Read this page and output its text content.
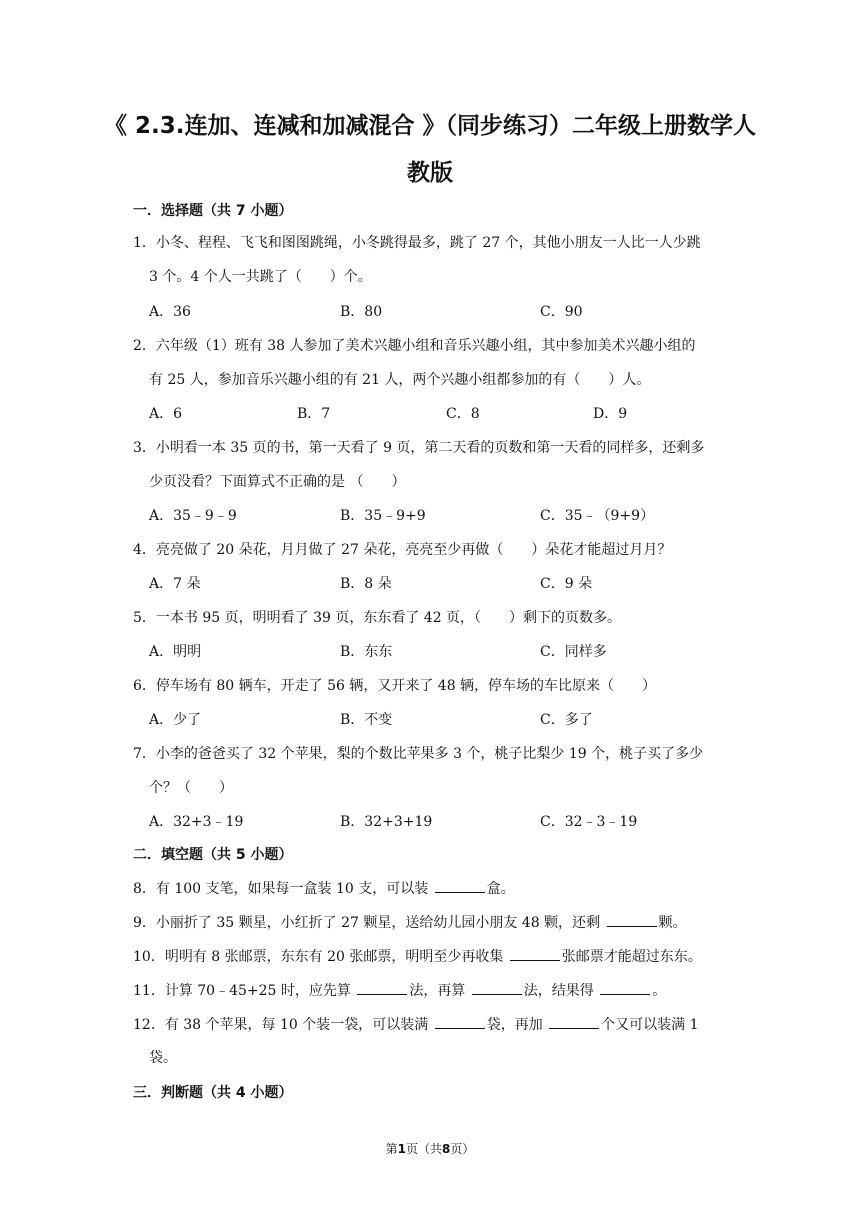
《 2.3.连加、连减和加减混合 》（同步练习）二年级上册数学人
教版
一．选择题（共 7 小题）
1．小冬、程程、飞飞和图图跳绳，小冬跳得最多，跳了 27 个，其他小朋友一人比一人少跳
3 个。4 个人一共跳了（　　）个。
A．36	B．80	C．90
2．六年级（1）班有 38 人参加了美术兴趣小组和音乐兴趣小组，其中参加美术兴趣小组的
有 25 人，参加音乐兴趣小组的有 21 人，两个兴趣小组都参加的有（　　）人。
A．6	B．7	C．8	D．9
3．小明看一本 35 页的书，第一天看了 9 页，第二天看的页数和第一天看的同样多，还剩多
少页没看？下面算式不正确的是 （　　）
A．35﹣9﹣9	B．35﹣9+9	C．35﹣（9+9）
4．亮亮做了 20 朵花，月月做了 27 朵花，亮亮至少再做（　　）朵花才能超过月月？
A．7 朵	B．8 朵	C．9 朵
5．一本书 95 页，明明看了 39 页，东东看了 42 页，（　　）剩下的页数多。
A．明明	B．东东	C．同样多
6．停车场有 80 辆车，开走了 56 辆，又开来了 48 辆，停车场的车比原来（　　）
A．少了	B．不变	C．多了
7．小李的爸爸买了 32 个苹果，梨的个数比苹果多 3 个，桃子比梨少 19 个，桃子买了多少
个？（　　）
A．32+3﹣19	B．32+3+19	C．32﹣3﹣19
二．填空题（共 5 小题）
8．有 100 支笔，如果每一盒装 10 支，可以装	盒。
9．小丽折了 35 颗星，小红折了 27 颗星，送给幼儿园小朋友 48 颗，还剩	颗。
10．明明有 8 张邮票，东东有 20 张邮票，明明至少再收集	张邮票才能超过东东。
11．计算 70﹣45+25 时，应先算	法，再算	法，结果得	。
12．有 38 个苹果，每 10 个装一袋，可以装满	袋，再加	个又可以装满 1
袋。
三．判断题（共 4 小题）
第1页（共8页）
